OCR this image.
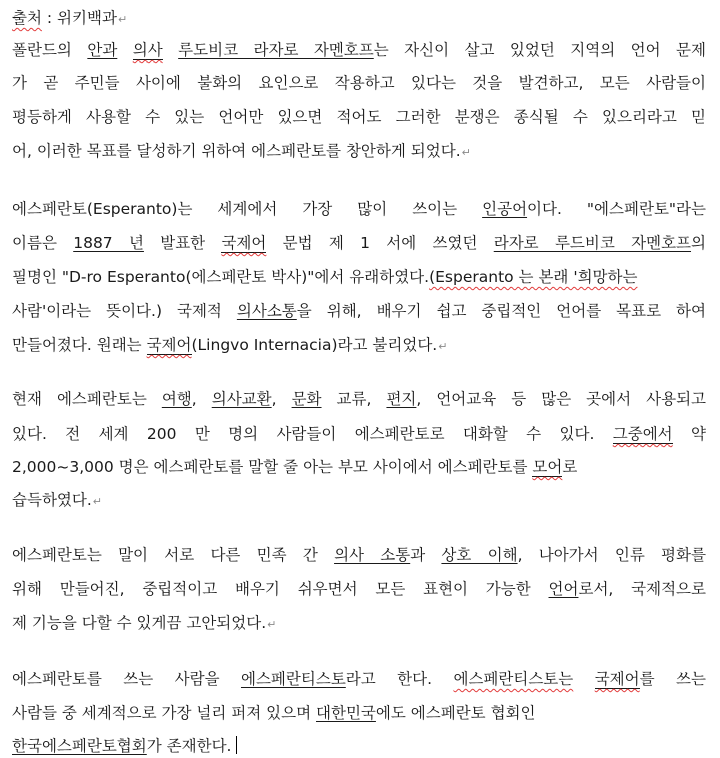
출처 : 위키백과↵
폴란드의 안과 의사 루도비코 라자로 자멘호프는 자신이 살고 있었던 지역의 언어 문제
가 곧 주민들 사이에 불화의 요인으로 작용하고 있다는 것을 발견하고, 모든 사람들이
평등하게 사용할 수 있는 언어만 있으면 적어도 그러한 분쟁은 종식될 수 있으리라고 믿
어, 이러한 목표를 달성하기 위하여 에스페란토를 창안하게 되었다.↵
에스페란토(Esperanto)는 세계에서 가장 많이 쓰이는 인공어이다. "에스페란토"라는
이름은 1887 년 발표한 국제어 문법 제 1 서에 쓰였던 라자로 루드비코 자멘호프의
필명인 "D-ro Esperanto(에스페란토 박사)"에서 유래하였다.(Esperanto 는 본래 '희망하는
사람'이라는 뜻이다.) 국제적 의사소통을 위해, 배우기 쉽고 중립적인 언어를 목표로 하여
만들어졌다. 원래는 국제어(Lingvo Internacia)라고 불리었다.↵
현재 에스페란토는 여행, 의사교환, 문화 교류, 편지, 언어교육 등 많은 곳에서 사용되고
있다. 전 세계 200 만 명의 사람들이 에스페란토로 대화할 수 있다. 그중에서 약
2,000~3,000 명은 에스페란토를 말할 줄 아는 부모 사이에서 에스페란토를 모어로
습득하였다.↵
에스페란토는 말이 서로 다른 민족 간 의사 소통과 상호 이해, 나아가서 인류 평화를
위해 만들어진, 중립적이고 배우기 쉬우면서 모든 표현이 가능한 언어로서, 국제적으로
제 기능을 다할 수 있게끔 고안되었다.↵
에스페란토를 쓰는 사람을 에스페란티스토라고 한다. 에스페란티스토는 국제어를 쓰는
사람들 중 세계적으로 가장 널리 퍼져 있으며 대한민국에도 에스페란토 협회인
한국에스페란토협회가 존재한다.
